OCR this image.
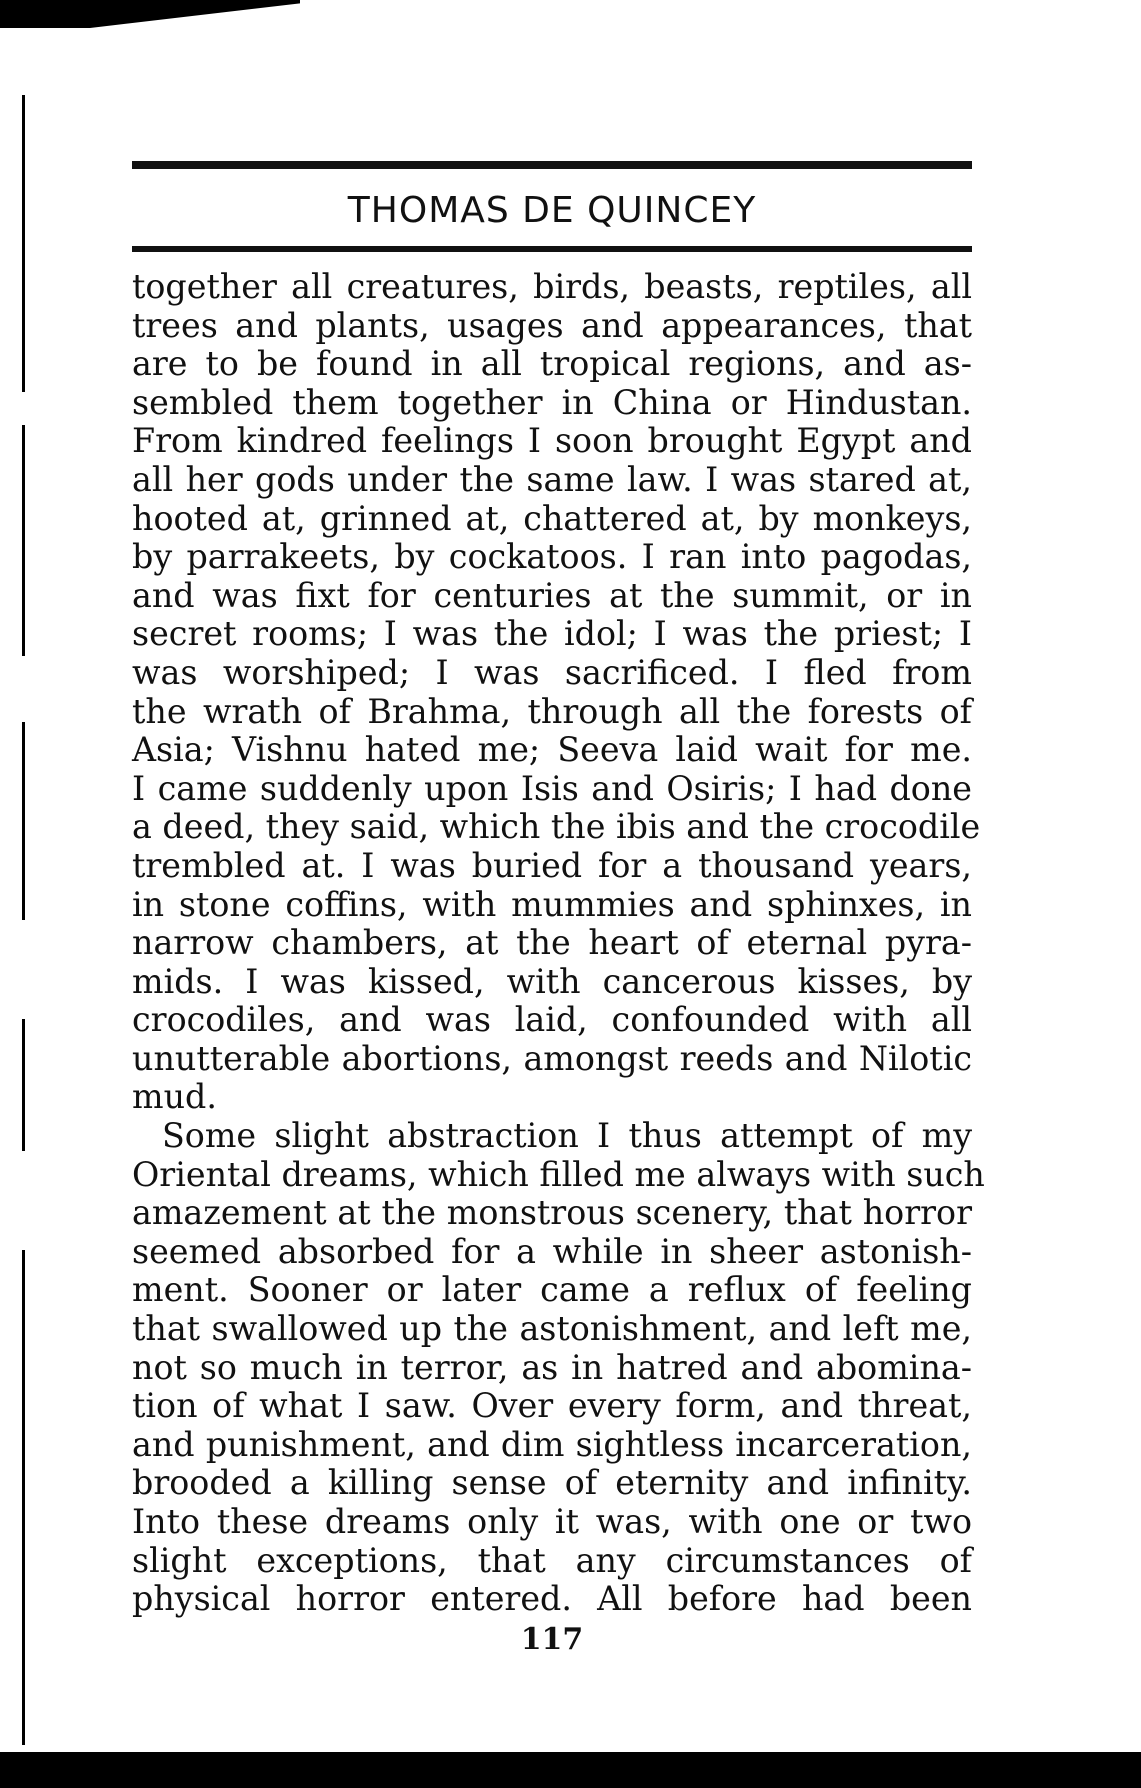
THOMAS DE QUINCEY
together all creatures, birds, beasts, reptiles, all
trees and plants, usages and appearances, that
are to be found in all tropical regions, and as-
sembled them together in China or Hindustan.
From kindred feelings I soon brought Egypt and
all her gods under the same law. I was stared at,
hooted at, grinned at, chattered at, by monkeys,
by parrakeets, by cockatoos. I ran into pagodas,
and was fixt for centuries at the summit, or in
secret rooms; I was the idol; I was the priest; I
was worshiped; I was sacrificed. I fled from
the wrath of Brahma, through all the forests of
Asia; Vishnu hated me; Seeva laid wait for me.
I came suddenly upon Isis and Osiris; I had done
a deed, they said, which the ibis and the crocodile
trembled at. I was buried for a thousand years,
in stone coffins, with mummies and sphinxes, in
narrow chambers, at the heart of eternal pyra-
mids. I was kissed, with cancerous kisses, by
crocodiles, and was laid, confounded with all
unutterable abortions, amongst reeds and Nilotic
mud.
Some slight abstraction I thus attempt of my
Oriental dreams, which filled me always with such
amazement at the monstrous scenery, that horror
seemed absorbed for a while in sheer astonish-
ment. Sooner or later came a reflux of feeling
that swallowed up the astonishment, and left me,
not so much in terror, as in hatred and abomina-
tion of what I saw. Over every form, and threat,
and punishment, and dim sightless incarceration,
brooded a killing sense of eternity and infinity.
Into these dreams only it was, with one or two
slight exceptions, that any circumstances of
physical horror entered. All before had been
117
